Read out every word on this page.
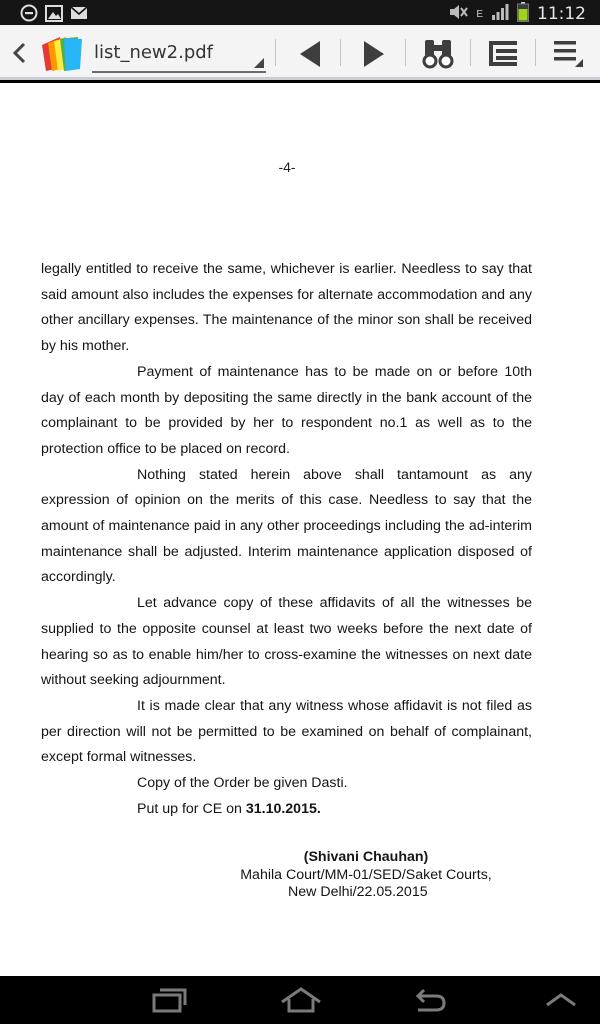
E	11:12
list_new2.pdf
-4-

legally entitled to receive the same, whichever is earlier. Needless to say that said amount also includes the expenses for alternate accommodation and any other ancillary expenses. The maintenance of the minor son shall be received by his mother.

Payment of maintenance has to be made on or before 10th day of each month by depositing the same directly in the bank account of the complainant to be provided by her to respondent no.1 as well as to the protection office to be placed on record.

Nothing stated herein above shall tantamount as any expression of opinion on the merits of this case. Needless to say that the amount of maintenance paid in any other proceedings including the ad-interim maintenance shall be adjusted. Interim maintenance application disposed of accordingly.

Let advance copy of these affidavits of all the witnesses be supplied to the opposite counsel at least two weeks before the next date of hearing so as to enable him/her to cross-examine the witnesses on next date without seeking adjournment.

It is made clear that any witness whose affidavit is not filed as per direction will not be permitted to be examined on behalf of complainant, except formal witnesses.

Copy of the Order be given Dasti.

Put up for CE on 31.10.2015.

(Shivani Chauhan)
Mahila Court/MM-01/SED/Saket Courts,
New Delhi/22.05.2015
